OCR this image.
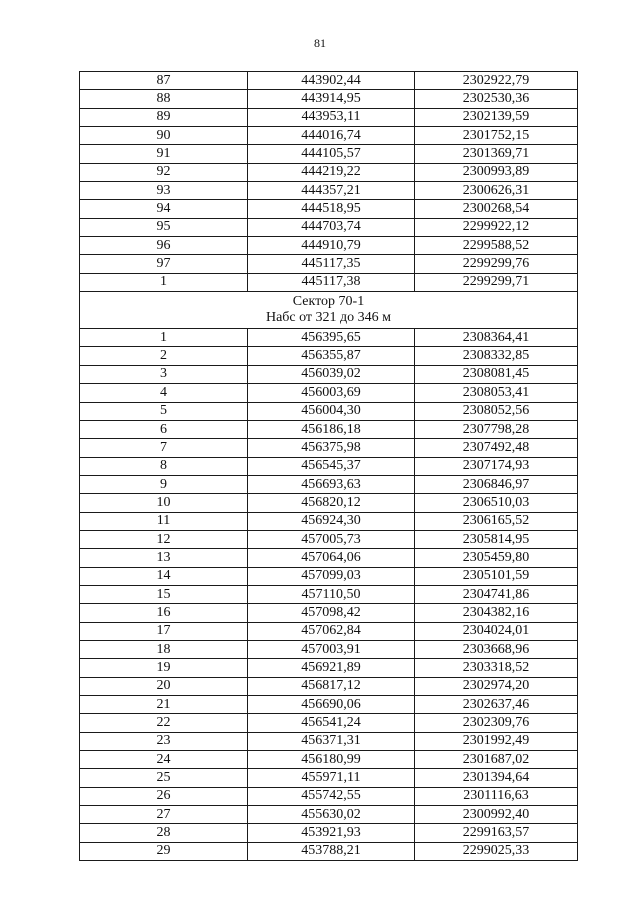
81
87	443902,44	2302922,79
88	443914,95	2302530,36
89	443953,11	2302139,59
90	444016,74	2301752,15
91	444105,57	2301369,71
92	444219,22	2300993,89
93	444357,21	2300626,31
94	444518,95	2300268,54
95	444703,74	2299922,12
96	444910,79	2299588,52
97	445117,35	2299299,76
1	445117,38	2299299,71

Сектор 70-1
Набс от 321 до 346 м		

1	456395,65	2308364,41
2	456355,87	2308332,85
3	456039,02	2308081,45
4	456003,69	2308053,41
5	456004,30	2308052,56
6	456186,18	2307798,28
7	456375,98	2307492,48
8	456545,37	2307174,93
9	456693,63	2306846,97
10	456820,12	2306510,03
11	456924,30	2306165,52
12	457005,73	2305814,95
13	457064,06	2305459,80
14	457099,03	2305101,59
15	457110,50	2304741,86
16	457098,42	2304382,16
17	457062,84	2304024,01
18	457003,91	2303668,96
19	456921,89	2303318,52
20	456817,12	2302974,20
21	456690,06	2302637,46
22	456541,24	2302309,76
23	456371,31	2301992,49
24	456180,99	2301687,02
25	455971,11	2301394,64
26	455742,55	2301116,63
27	455630,02	2300992,40
28	453921,93	2299163,57
29	453788,21	2299025,33
